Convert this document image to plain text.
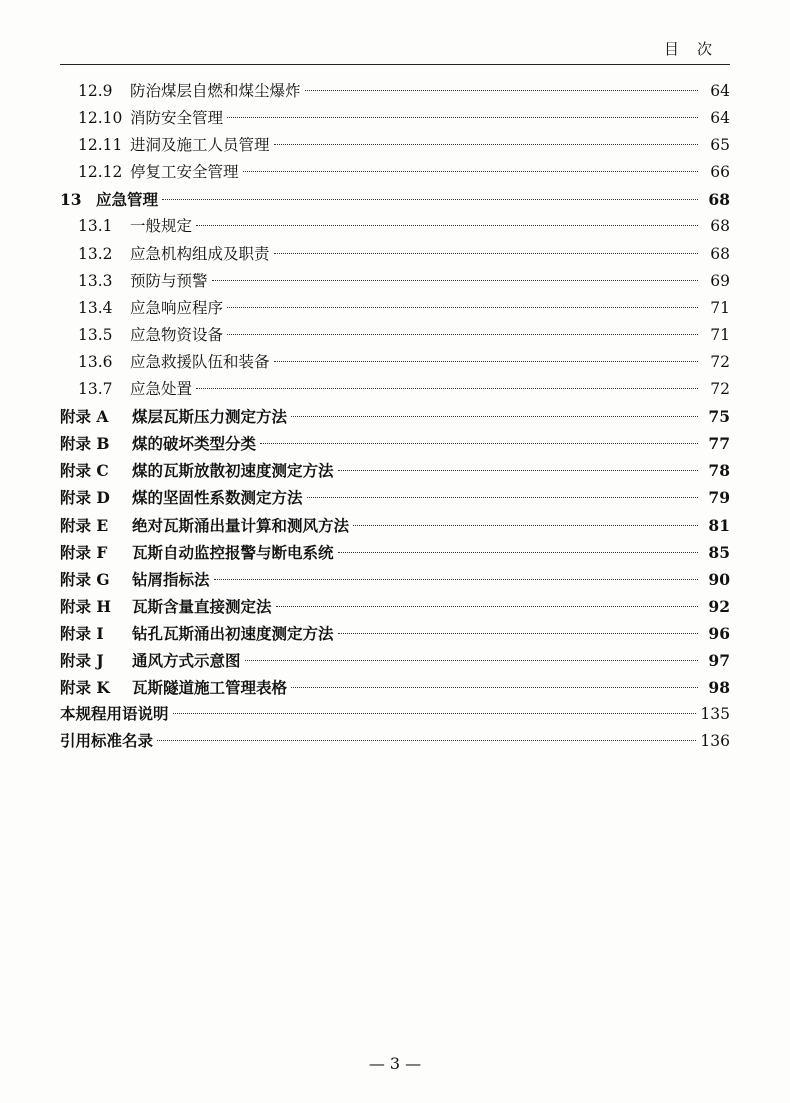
目次
12.9	防治煤层自燃和煤尘爆炸	64
12.10 消防安全管理	64
12.11 进洞及施工人员管理	65
12.12 停复工安全管理	66
13 应急管理	68
13.1	一般规定	68
13.2	应急机构组成及职责	68
13.3	预防与预警	69
13.4	应急响应程序	71
13.5	应急物资设备	71
13.6	应急救援队伍和装备	72
13.7	应急处置	72
附录 A	煤层瓦斯压力测定方法	75
附录 B	煤的破坏类型分类	77
附录 C	煤的瓦斯放散初速度测定方法	78
附录 D	煤的坚固性系数测定方法	79
附录 E	绝对瓦斯涌出量计算和测风方法	81
附录 F	瓦斯自动监控报警与断电系统	85
附录 G	钻屑指标法	90
附录 H	瓦斯含量直接测定法	92
附录 I	钻孔瓦斯涌出初速度测定方法	96
附录 J	通风方式示意图	97
附录 K	瓦斯隧道施工管理表格	98
本规程用语说明	135
引用标准名录	136
— 3 —
